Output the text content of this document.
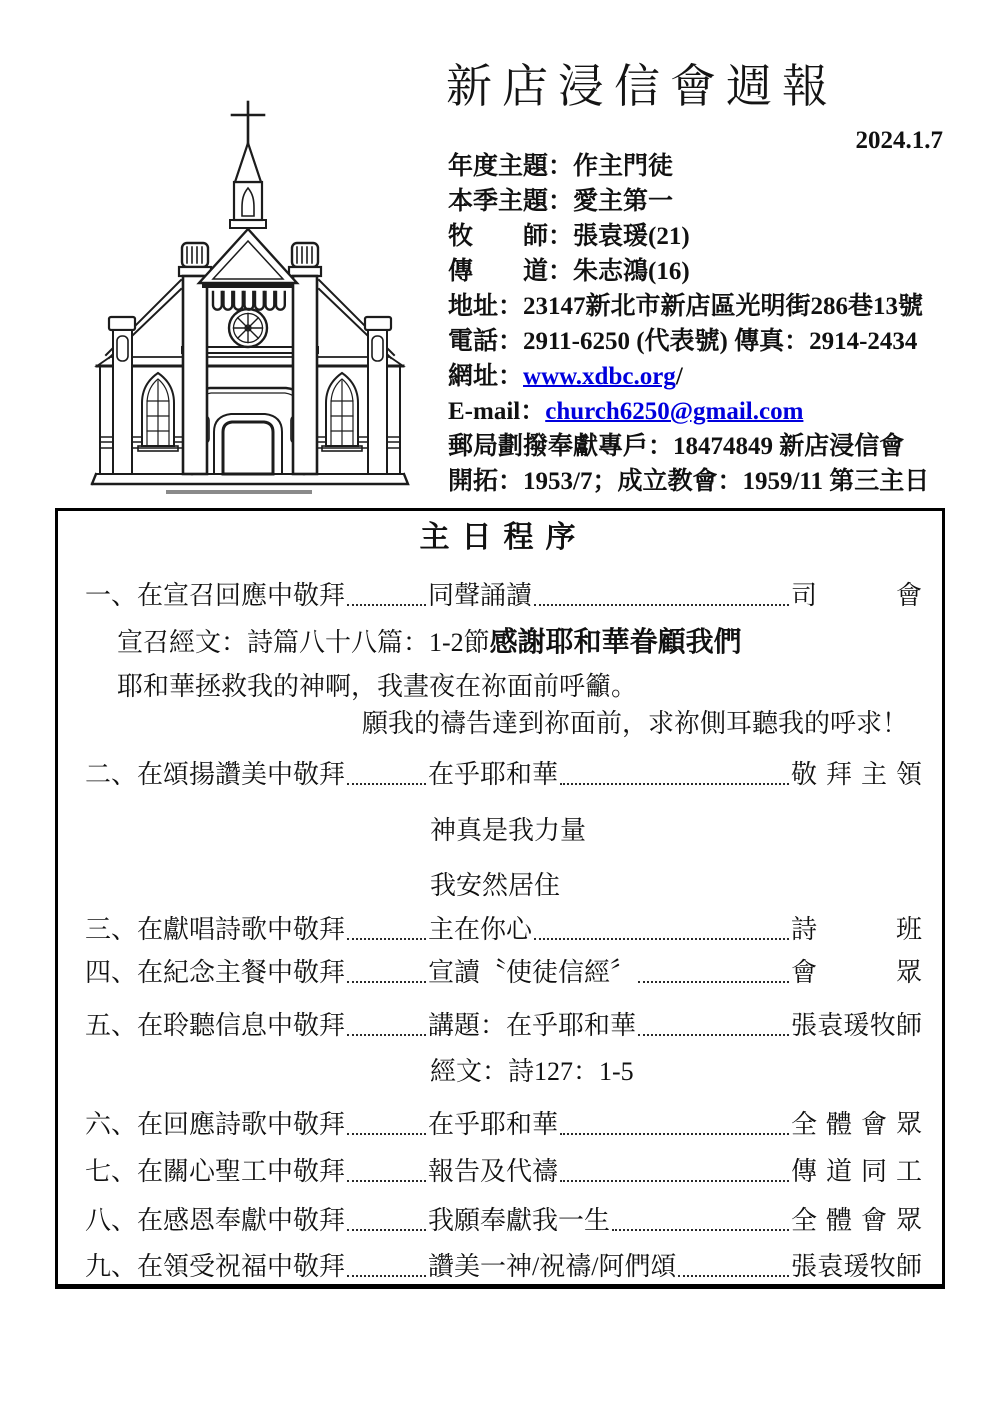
新店浸信會週報
2024.1.7
年度主題：作主門徒
本季主題：愛主第一
牧　　師：張袁瑗(21)
傳　　道：朱志鴻(16)
地址：23147新北市新店區光明街286巷13號
電話：2911-6250 (代表號) 傳真：2914-2434
網址：www.xdbc.org/
E-mail：church6250@gmail.com
郵局劃撥奉獻專戶：18474849 新店浸信會
開拓：1953/7；成立教會：1959/11 第三主日
主日程序
一、在宣召回應中敬拜	同聲誦讀	司會
宣召經文：詩篇八十八篇：1-2節感謝耶和華眷顧我們
耶和華拯救我的神啊，我晝夜在祢面前呼籲。
願我的禱告達到祢面前，求祢側耳聽我的呼求！
二、在頌揚讚美中敬拜	在乎耶和華	敬拜主領
神真是我力量
我安然居住
三、在獻唱詩歌中敬拜	主在你心	詩班
四、在紀念主餐中敬拜	宣讀〝使徒信經〞	會眾
五、在聆聽信息中敬拜	講題：在乎耶和華	張袁瑗牧師
經文：詩127：1-5
六、在回應詩歌中敬拜	在乎耶和華	全體會眾
七、在關心聖工中敬拜	報告及代禱	傳道同工
八、在感恩奉獻中敬拜	我願奉獻我一生	全體會眾
九、在領受祝福中敬拜	讚美一神/祝禱/阿們頌	張袁瑗牧師
